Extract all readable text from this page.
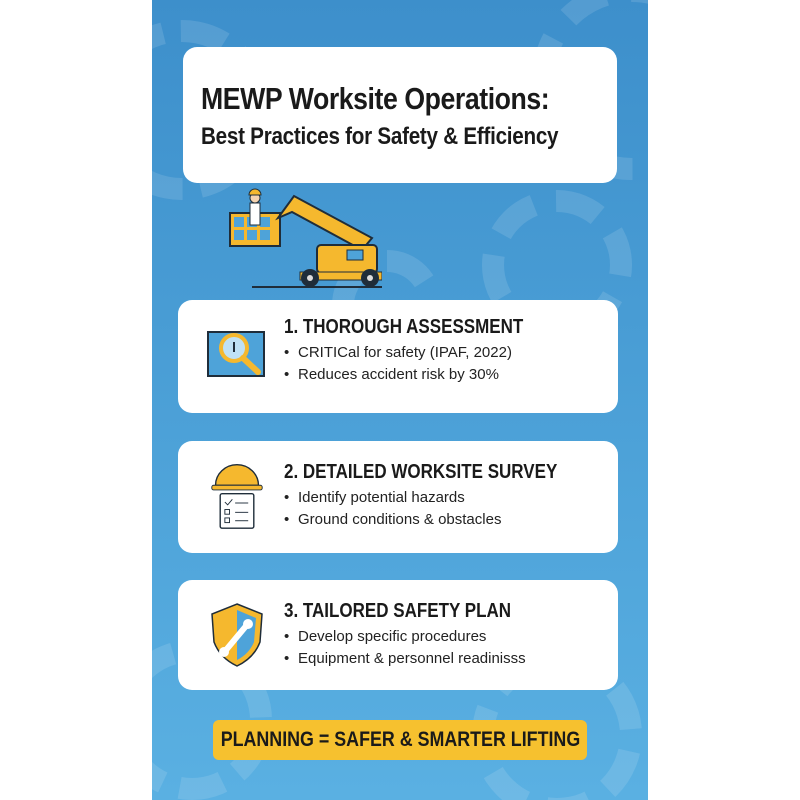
MEWP Worksite Operations:
Best Practices for Safety & Efficiency
1. THOROUGH ASSESSMENT
• CRITICal for safety (IPAF, 2022)
• Reduces accident risk by 30%
2. DETAILED WORKSITE SURVEY
• Identify potential hazards
• Ground conditions & obstacles
3. TAILORED SAFETY PLAN
• Develop specific procedures
• Equipment & personnel readinisss
PLANNING = SAFER & SMARTER LIFTING
